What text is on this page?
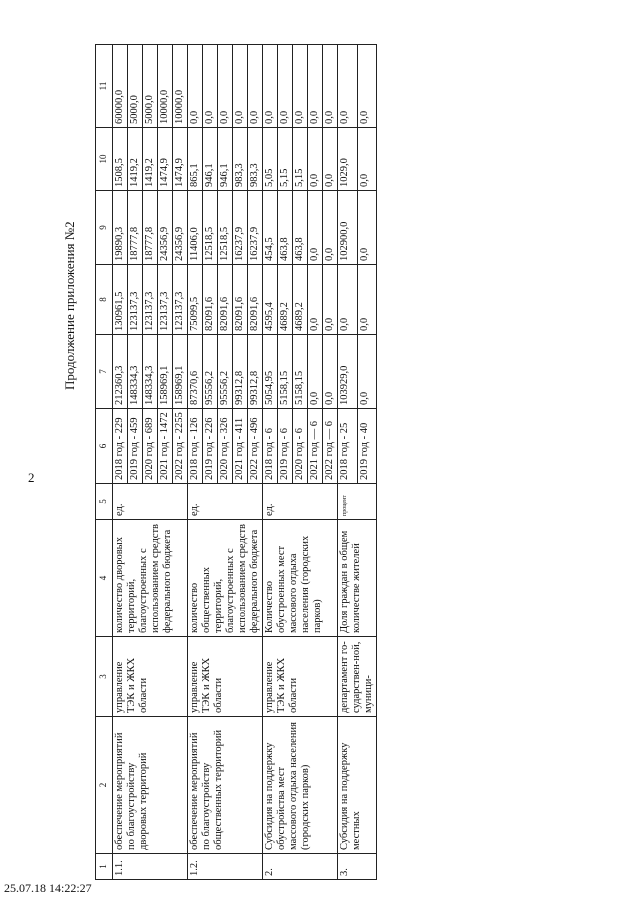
Продолжение приложения №2
2
1	2	3	4	5	6	7	8	9	10	11
1.1.	обеспечение мероприятий по благоустройству дворовых территорий	управление ТЭК и ЖКХ области	количество дворовых территорий, благоустроенных с использованием средств федерального бюджета	ед.	2018 год - 229	212360,3	130961,5	19890,3	1508,5	60000,0
					2019 год - 459	148334,3	123137,3	18777,8	1419,2	5000,0
					2020 год - 689	148334,3	123137,3	18777,8	1419,2	5000,0
					2021 год - 1472	158969,1	123137,3	24356,9	1474,9	10000,0
					2022 год - 2255	158969,1	123137,3	24356,9	1474,9	10000,0
1.2.	обеспечение мероприятий по благоустройству общественных территорий	управление ТЭК и ЖКХ области	количество общественных территорий, благоустроенных с использованием средств федерального бюджета	ед.	2018 год - 126	87370,6	75099,5	11406,0	865,1	0,0
					2019 год - 226	95556,2	82091,6	12518,5	946,1	0,0
					2020 год - 326	95556,2	82091,6	12518,5	946,1	0,0
					2021 год - 411	99312,8	82091,6	16237,9	983,3	0,0
					2022 год - 496	99312,8	82091,6	16237,9	983,3	0,0
2.	Субсидия на поддержку обустройства мест массового отдыха населения (городских парков)	управление ТЭК и ЖКХ области	Количество обустроенных мест массового отдыха населения (городских парков)	ед.	2018 год - 6	5054,95	4595,4	454,5	5,05	0,0
					2019 год - 6	5158,15	4689,2	463,8	5,15	0,0
					2020 год - 6	5158,15	4689,2	463,8	5,15	0,0
					2021 год — 6	0,0	0,0	0,0	0,0	0,0
					2022 год — 6	0,0	0,0	0,0	0,0	0,0
3.	Субсидия на поддержку местных	департамент го-сударствен-ной, муници-	Доля граждан в общем количестве жителей	процент	2018 год - 25	103929,0	0,0	102900,0	1029,0	0,0
					2019 год - 40	0,0	0,0	0,0	0,0	0,0
25.07.18 14:22:27
